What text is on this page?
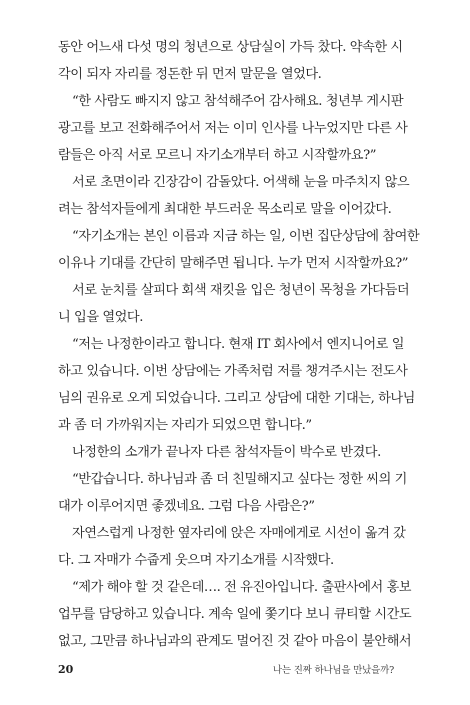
동안 어느새 다섯 명의 청년으로 상담실이 가득 찼다. 약속한 시
각이 되자 자리를 정돈한 뒤 먼저 말문을 열었다.
“한 사람도 빠지지 않고 참석해주어 감사해요. 청년부 게시판
광고를 보고 전화해주어서 저는 이미 인사를 나누었지만 다른 사
람들은 아직 서로 모르니 자기소개부터 하고 시작할까요?”
서로 초면이라 긴장감이 감돌았다. 어색해 눈을 마주치지 않으
려는 참석자들에게 최대한 부드러운 목소리로 말을 이어갔다.
“자기소개는 본인 이름과 지금 하는 일, 이번 집단상담에 참여한
이유나 기대를 간단히 말해주면 됩니다. 누가 먼저 시작할까요?”
서로 눈치를 살피다 회색 재킷을 입은 청년이 목청을 가다듬더
니 입을 열었다.
“저는 나정한이라고 합니다. 현재 IT 회사에서 엔지니어로 일
하고 있습니다. 이번 상담에는 가족처럼 저를 챙겨주시는 전도사
님의 권유로 오게 되었습니다. 그리고 상담에 대한 기대는, 하나님
과 좀 더 가까워지는 자리가 되었으면 합니다.”
나정한의 소개가 끝나자 다른 참석자들이 박수로 반겼다.
“반갑습니다. 하나님과 좀 더 친밀해지고 싶다는 정한 씨의 기
대가 이루어지면 좋겠네요. 그럼 다음 사람은?”
자연스럽게 나정한 옆자리에 앉은 자매에게로 시선이 옮겨 갔
다. 그 자매가 수줍게 웃으며 자기소개를 시작했다.
“제가 해야 할 것 같은데…. 전 유진아입니다. 출판사에서 홍보
업무를 담당하고 있습니다. 계속 일에 쫓기다 보니 큐티할 시간도
없고, 그만큼 하나님과의 관계도 멀어진 것 같아 마음이 불안해서
20	나는 진짜 하나님을 만났을까?
